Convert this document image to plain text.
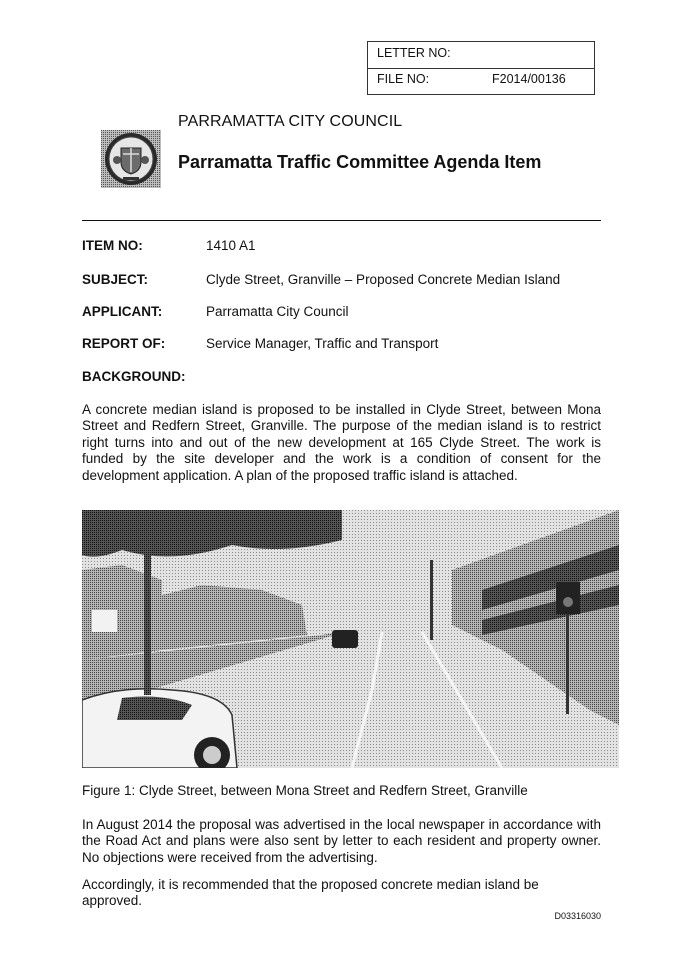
LETTER NO:
FILE NO:	F2014/00136
PARRAMATTA CITY COUNCIL
Parramatta Traffic Committee Agenda Item
ITEM NO:	1410 A1
SUBJECT:	Clyde Street, Granville – Proposed Concrete Median Island
APPLICANT:	Parramatta City Council
REPORT OF:	Service Manager, Traffic and Transport
BACKGROUND:

A concrete median island is proposed to be installed in Clyde Street, between Mona Street and Redfern Street, Granville. The purpose of the median island is to restrict right turns into and out of the new development at 165 Clyde Street. The work is funded by the site developer and the work is a condition of consent for the development application. A plan of the proposed traffic island is attached.

Figure 1: Clyde Street, between Mona Street and Redfern Street, Granville

In August 2014 the proposal was advertised in the local newspaper in accordance with the Road Act and plans were also sent by letter to each resident and property owner. No objections were received from the advertising.

Accordingly, it is recommended that the proposed concrete median island be approved.

D03316030
